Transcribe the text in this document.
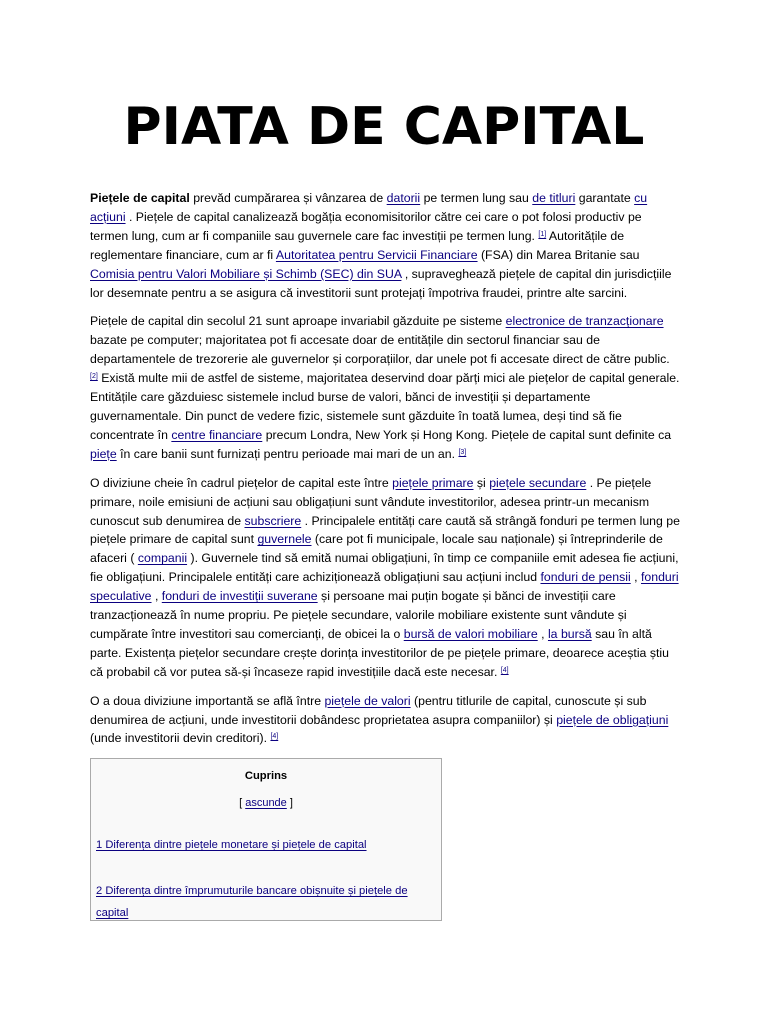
PIATA DE CAPITAL

Piețele de capital prevăd cumpărarea și vânzarea de datorii pe termen lung sau de titluri garantate cu acțiuni . Piețele de capital canalizează bogăția economisitorilor către cei care o pot folosi productiv pe termen lung, cum ar fi companiile sau guvernele care fac investiții pe termen lung. [1] Autoritățile de reglementare financiare, cum ar fi Autoritatea pentru Servicii Financiare (FSA) din Marea Britanie sau Comisia pentru Valori Mobiliare și Schimb (SEC) din SUA , supraveghează piețele de capital din jurisdicțiile lor desemnate pentru a se asigura că investitorii sunt protejați împotriva fraudei, printre alte sarcini.

Piețele de capital din secolul 21 sunt aproape invariabil găzduite pe sisteme electronice de tranzacționare bazate pe computer; majoritatea pot fi accesate doar de entitățile din sectorul financiar sau de departamentele de trezorerie ale guvernelor și corporațiilor, dar unele pot fi accesate direct de către public. [2] Există multe mii de astfel de sisteme, majoritatea deservind doar părți mici ale piețelor de capital generale. Entitățile care găzduiesc sistemele includ burse de valori, bănci de investiții și departamente guvernamentale. Din punct de vedere fizic, sistemele sunt găzduite în toată lumea, deși tind să fie concentrate în centre financiare precum Londra, New York și Hong Kong. Piețele de capital sunt definite ca piețe în care banii sunt furnizați pentru perioade mai mari de un an. [3]

O diviziune cheie în cadrul piețelor de capital este între piețele primare și piețele secundare . Pe piețele primare, noile emisiuni de acțiuni sau obligațiuni sunt vândute investitorilor, adesea printr-un mecanism cunoscut sub denumirea de subscriere . Principalele entități care caută să strângă fonduri pe termen lung pe piețele primare de capital sunt guvernele (care pot fi municipale, locale sau naționale) și întreprinderile de afaceri ( companii ). Guvernele tind să emită numai obligațiuni, în timp ce companiile emit adesea fie acțiuni, fie obligațiuni. Principalele entități care achiziționează obligațiuni sau acțiuni includ fonduri de pensii , fonduri speculative , fonduri de investiții suverane și persoane mai puțin bogate și bănci de investiții care tranzacționează în nume propriu. Pe piețele secundare, valorile mobiliare existente sunt vândute și cumpărate între investitori sau comercianți, de obicei la o bursă de valori mobiliare , la bursă sau în altă parte. Existența piețelor secundare crește dorința investitorilor de pe piețele primare, deoarece aceștia știu că probabil că vor putea să-și încaseze rapid investițiile dacă este necesar. [4]

O a doua diviziune importantă se află între piețele de valori (pentru titlurile de capital, cunoscute și sub denumirea de acțiuni, unde investitorii dobândesc proprietatea asupra companiilor) și piețele de obligațiuni (unde investitorii devin creditori). [4]

Cuprins
[ ascunde ]
1 Diferența dintre piețele monetare și piețele de capital
2 Diferența dintre împrumuturile bancare obișnuite și piețele de capital
